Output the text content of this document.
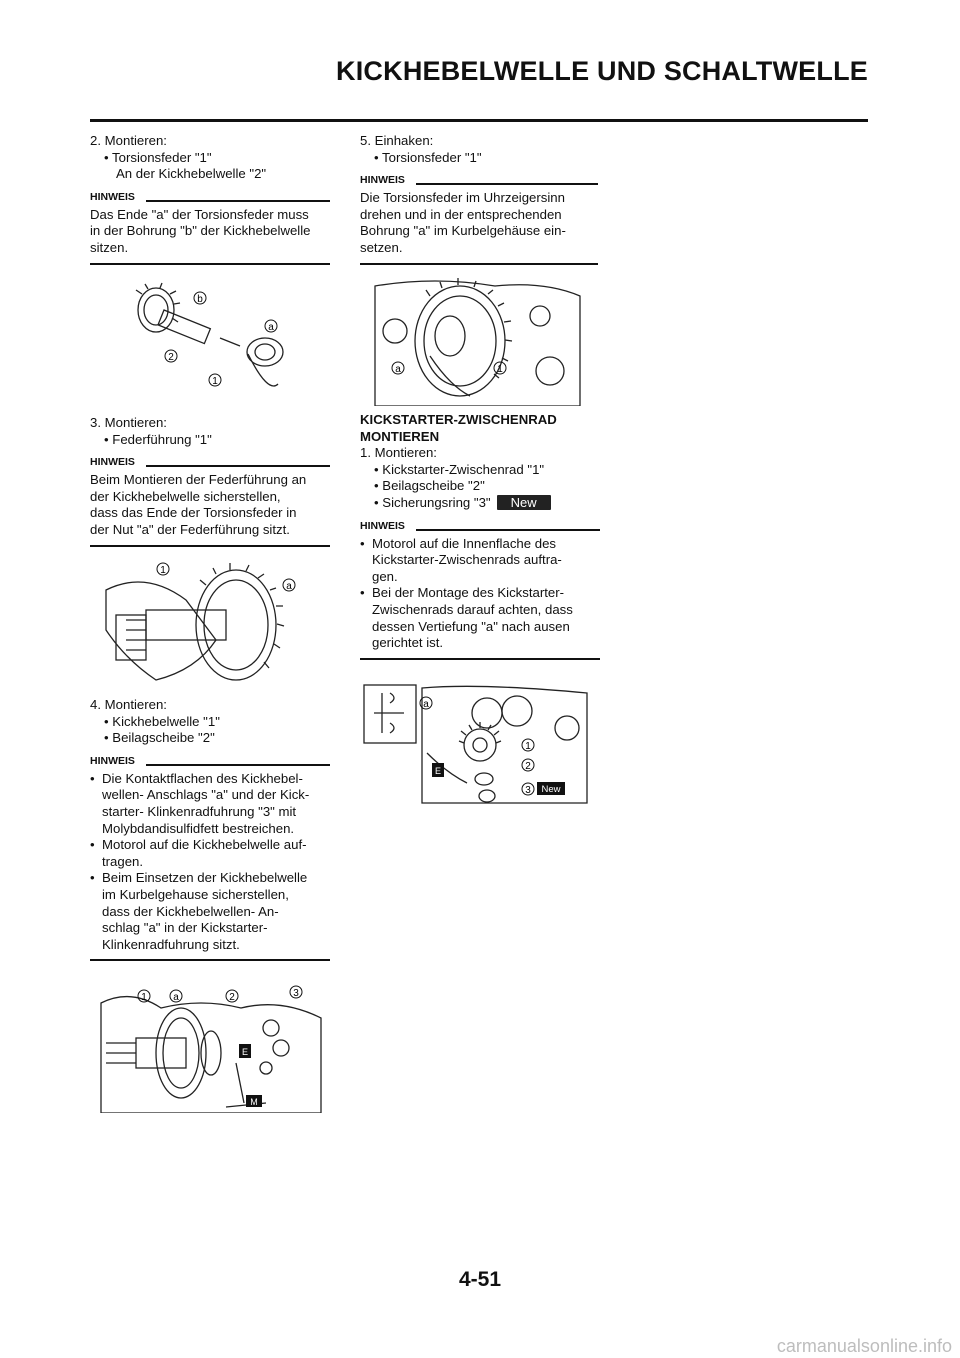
KICKHEBELWELLE UND SCHALTWELLE
2. Montieren:
• Torsionsfeder "1"
An der Kickhebelwelle "2"
HINWEIS
Das Ende "a" der Torsionsfeder muss
in der Bohrung "b" der Kickhebelwelle
sitzen.
b
a
2
1
3. Montieren:
• Federführung "1"
HINWEIS
Beim Montieren der Federführung an
der Kickhebelwelle sicherstellen,
dass das Ende der Torsionsfeder in
der Nut "a" der Federführung sitzt.
1
a
4. Montieren:
• Kickhebelwelle "1"
• Beilagscheibe "2"
HINWEIS
• Die Kontaktflachen des Kickhebel-
wellen- Anschlags "a" und der Kick-
starter- Klinkenradfuhrung "3" mit
Molybdandisulfidfett bestreichen.
• Motorol auf die Kickhebelwelle auf-
tragen.
• Beim Einsetzen der Kickhebelwelle
im Kurbelgehause sicherstellen,
dass der Kickhebelwellen- An-
schlag "a" in der Kickstarter-
Klinkenradfuhrung sitzt.
1	a	2	3
E
M
5. Einhaken:
• Torsionsfeder "1"
HINWEIS
Die Torsionsfeder im Uhrzeigersinn
drehen und in der entsprechenden
Bohrung "a" im Kurbelgehäuse ein-
setzen.
a	1
KICKSTARTER-ZWISCHENRAD
MONTIEREN
1. Montieren:
• Kickstarter-Zwischenrad "1"
• Beilagscheibe "2"
• Sicherungsring "3" New
HINWEIS
• Motorol auf die Innenflache des
Kickstarter-Zwischenrads auftra-
gen.
• Bei der Montage des Kickstarter-
Zwischenrads darauf achten, dass
dessen Vertiefung "a" nach ausen
gerichtet ist.
a
1
2
3
E
New
4-51
carmanualsonline.info
